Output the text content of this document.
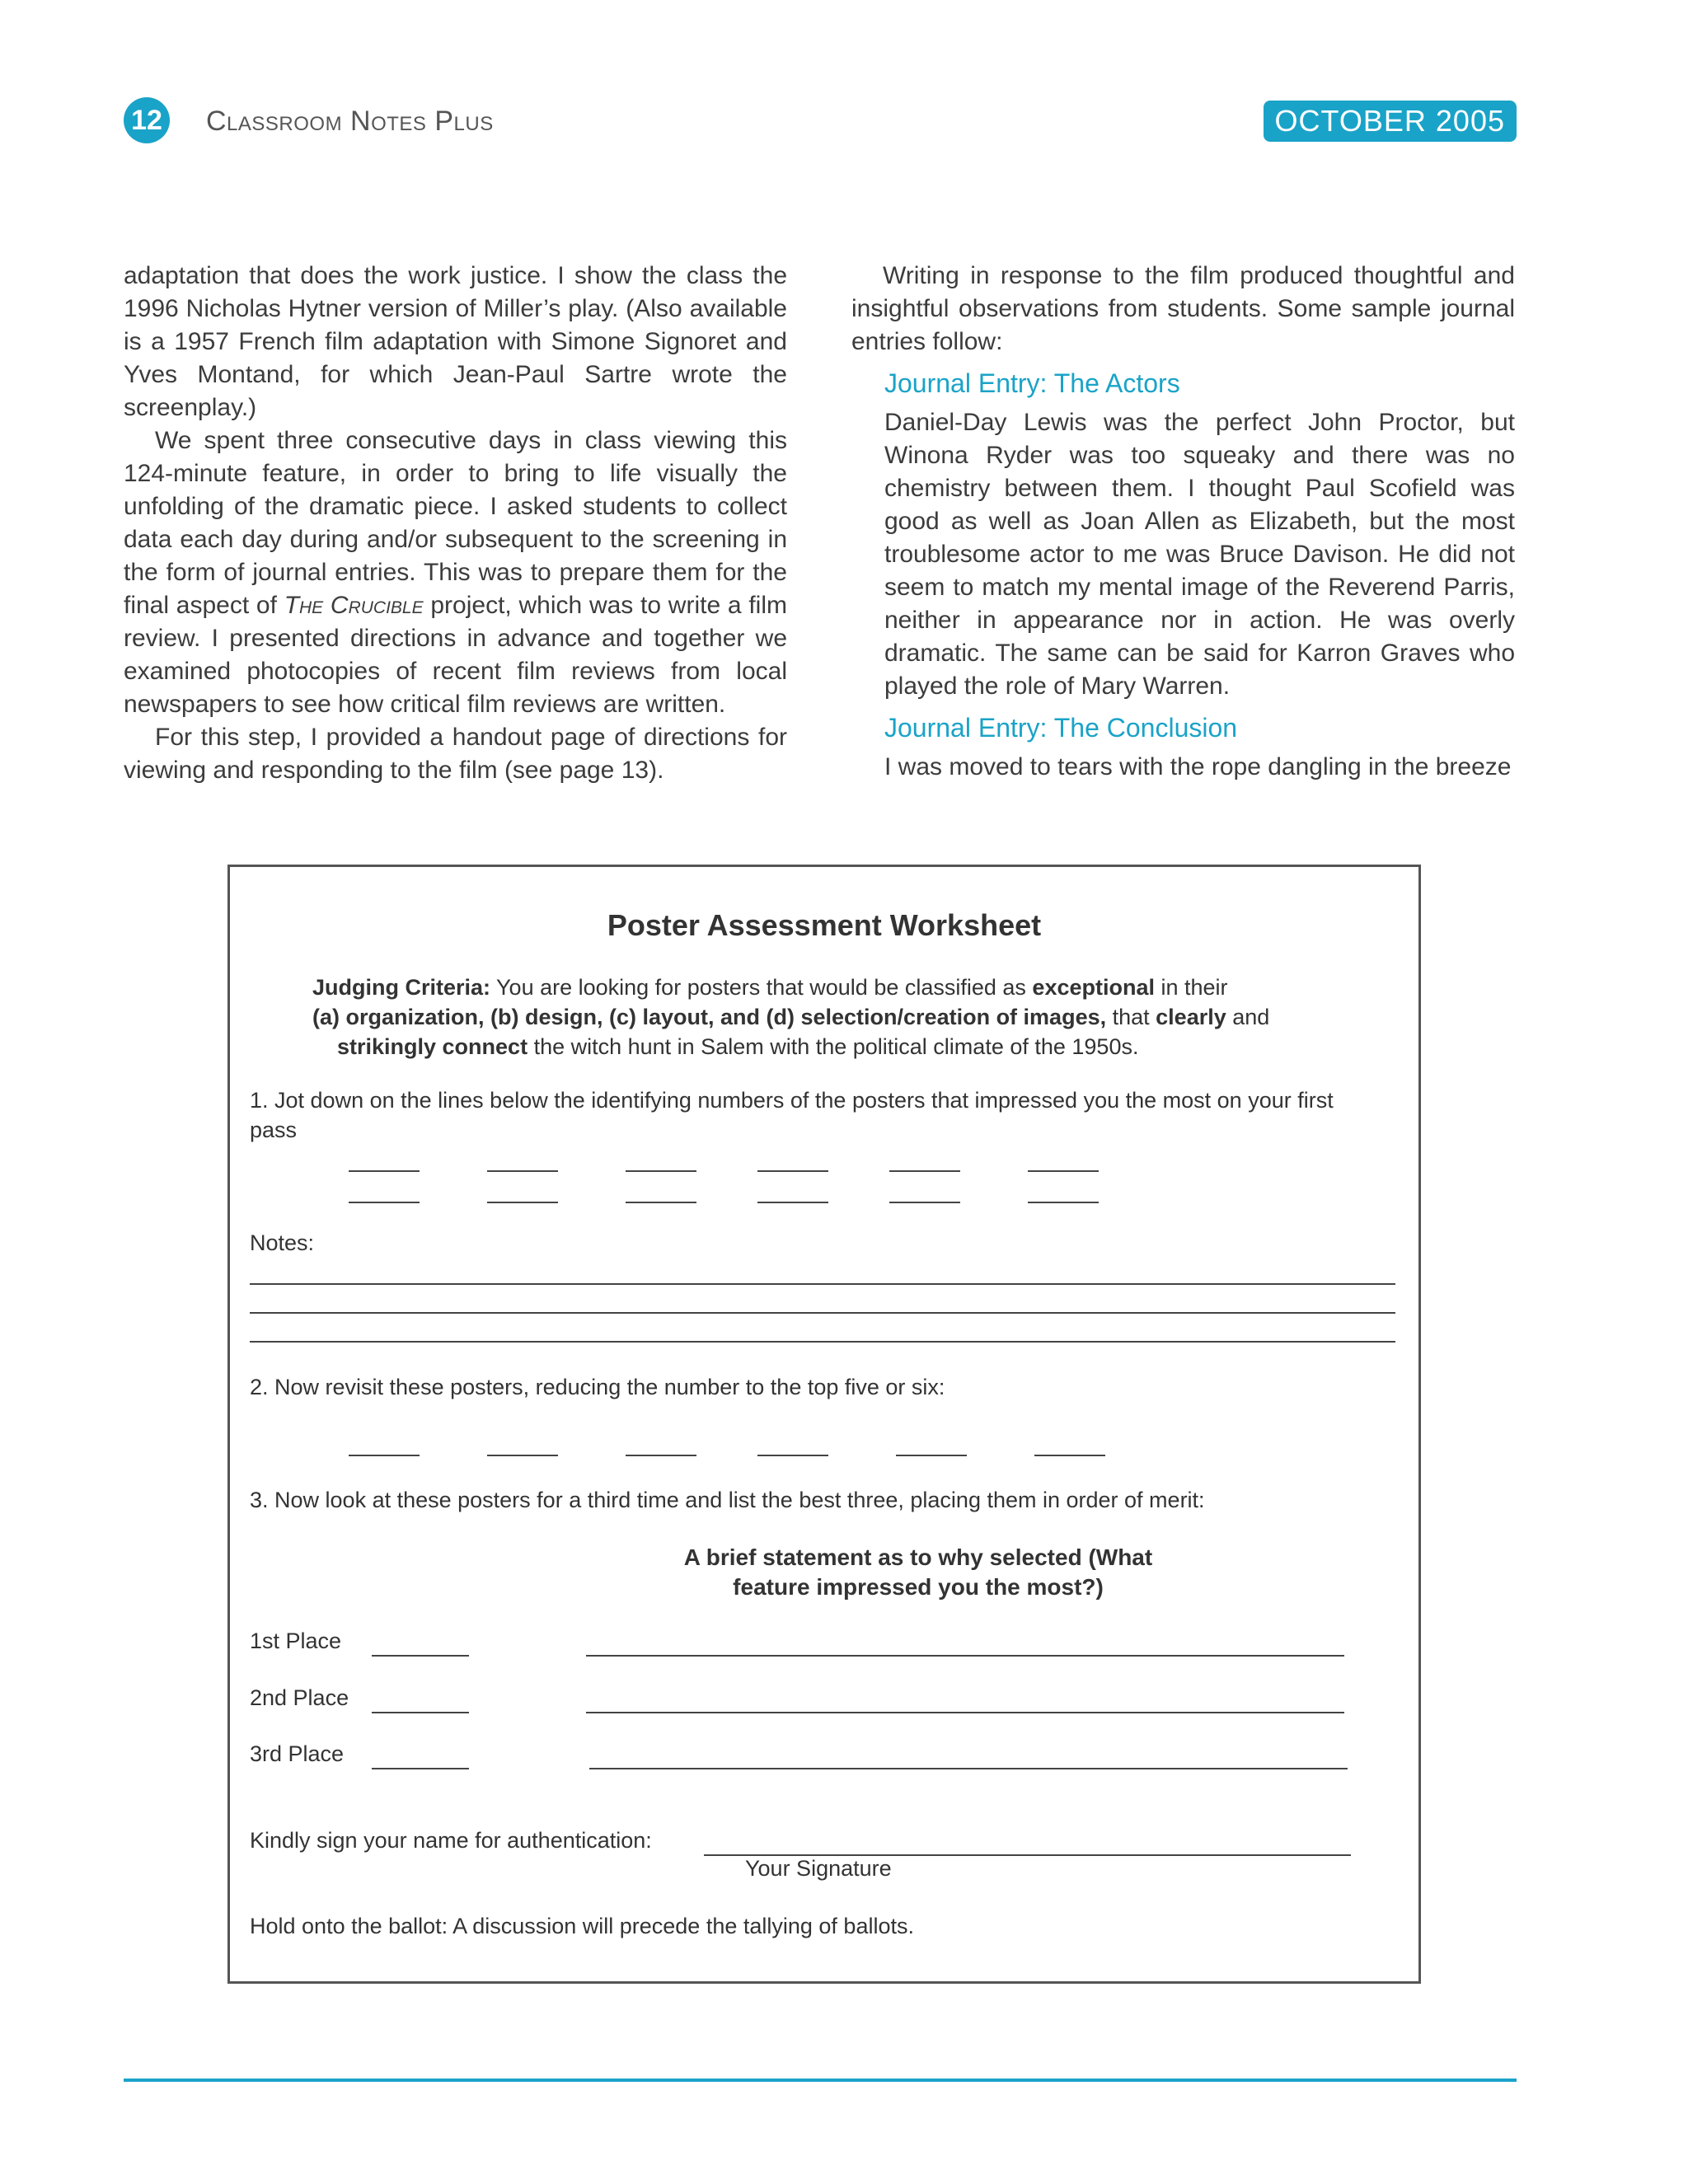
12 Classroom Notes Plus	OCTOBER 2005

adaptation that does the work justice. I show the class the 1996 Nicholas Hytner version of Miller’s play. (Also available is a 1957 French film adaptation with Simone Signoret and Yves Montand, for which Jean-Paul Sartre wrote the screenplay.)

We spent three consecutive days in class viewing this 124-minute feature, in order to bring to life visually the unfolding of the dramatic piece. I asked students to collect data each day during and/or subsequent to the screening in the form of journal entries. This was to prepare them for the final aspect of The Crucible project, which was to write a film review. I presented directions in advance and together we examined photocopies of recent film reviews from local newspapers to see how critical film reviews are written.

For this step, I provided a handout page of directions for viewing and responding to the film (see page 13).

Writing in response to the film produced thoughtful and insightful observations from students. Some sample journal entries follow:

Journal Entry: The Actors

Daniel-Day Lewis was the perfect John Proctor, but Winona Ryder was too squeaky and there was no chemistry between them. I thought Paul Scofield was good as well as Joan Allen as Elizabeth, but the most troublesome actor to me was Bruce Davison. He did not seem to match my mental image of the Reverend Parris, neither in appearance nor in action. He was overly dramatic. The same can be said for Karron Graves who played the role of Mary Warren.

Journal Entry: The Conclusion

I was moved to tears with the rope dangling in the breeze

Poster Assessment Worksheet
Judging Criteria: You are looking for posters that would be classified as exceptional in their
(a) organization, (b) design, (c) layout, and (d) selection/creation of images, that clearly and
strikingly connect the witch hunt in Salem with the political climate of the 1950s.
1. Jot down on the lines below the identifying numbers of the posters that impressed you the most on your first pass
Notes:
2. Now revisit these posters, reducing the number to the top five or six:
3. Now look at these posters for a third time and list the best three, placing them in order of merit:
A brief statement as to why selected (What feature impressed you the most?)
1st Place
2nd Place
3rd Place
Kindly sign your name for authentication:
Your Signature
Hold onto the ballot: A discussion will precede the tallying of ballots.
